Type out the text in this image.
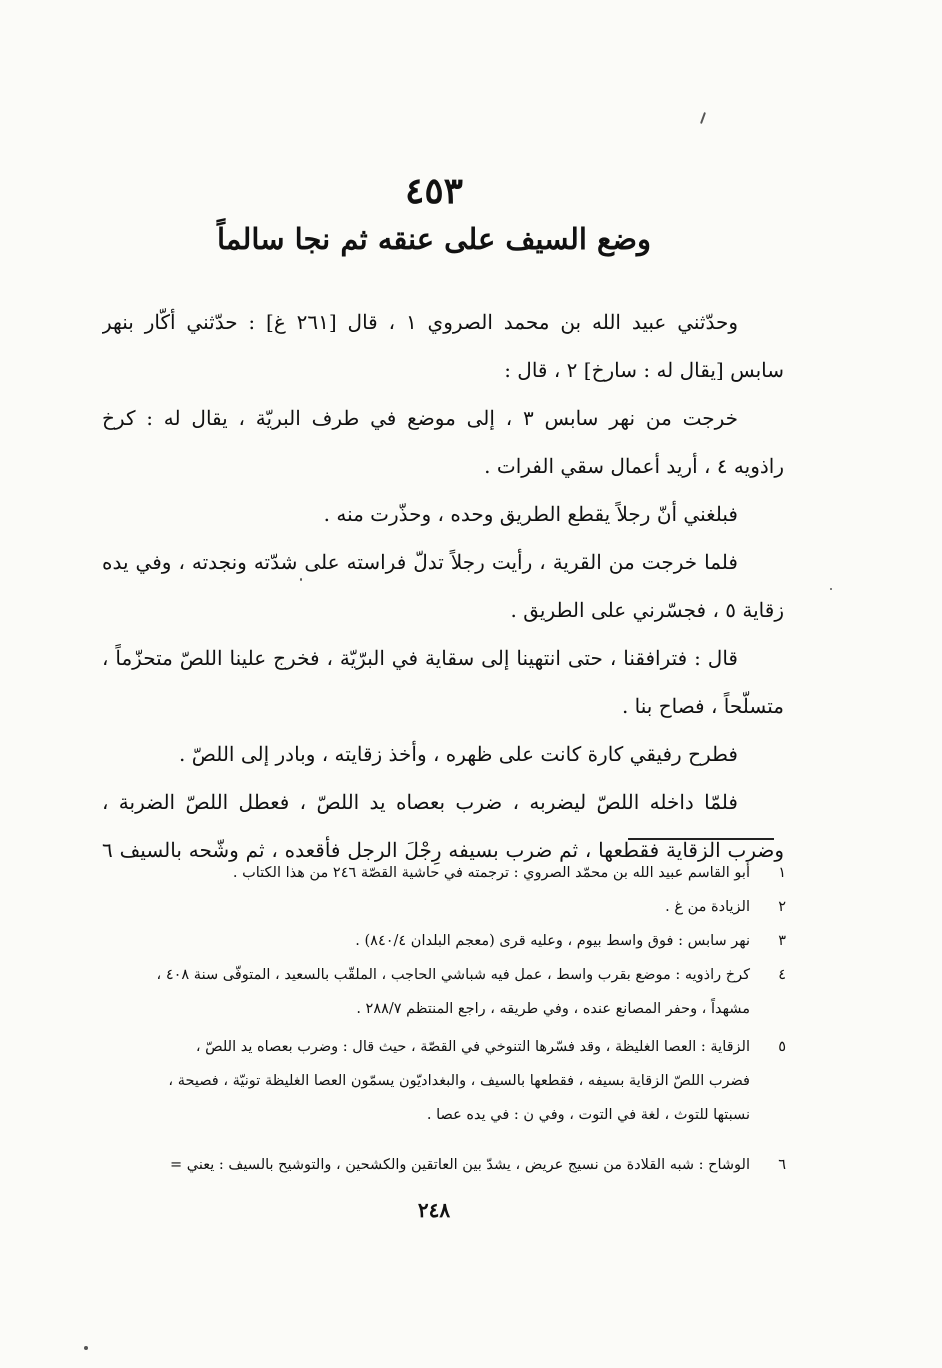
٤٥٣
وضع السيف على عنقه ثم نجا سالماً
وحدّثني عبيد الله بن محمد الصروي ١ ، قال [٢٦١ غ] : حدّثني أكّار بنهر
سابس [يقال له : سارخ] ٢ ، قال :
خرجت من نهر سابس ٣ ، إلى موضع في طرف البريّة ، يقال له : كرخ
راذويه ٤ ، أريد أعمال سقي الفرات .
فبلغني أنّ رجلاً يقطع الطريق وحده ، وحذّرت منه .
فلما خرجت من القرية ، رأيت رجلاً تدلّ فراسته على شدّته ونجدته ، وفي يده
زقاية ٥ ، فجسّرني على الطريق .
قال : فترافقنا ، حتى انتهينا إلى سقاية في البرّيّة ، فخرج علينا اللصّ متحزّماً ،
متسلّحاً ، فصاح بنا .
فطرح رفيقي كارة كانت على ظهره ، وأخذ زقايته ، وبادر إلى اللصّ .
فلمّا داخله اللصّ ليضربه ، ضرب بعصاه يد اللصّ ، فعطل اللصّ الضربة ،
وضرب الزقاية فقطعها ، ثم ضرب بسيفه رِجْلَ الرجل فأقعده ، ثم وشّحه بالسيف ٦
١أبو القاسم عبيد الله بن محمّد الصروي : ترجمته في حاشية القصّة ٢٤٦ من هذا الكتاب .
٢الزيادة من غ .
٣نهر سابس : فوق واسط بيوم ، وعليه قرى (معجم البلدان ٨٤٠/٤) .
٤كرخ راذويه : موضع بقرب واسط ، عمل فيه شباشي الحاجب ، الملقّب بالسعيد ، المتوفّى سنة ٤٠٨ ،
مشهداً ، وحفر المصانع عنده ، وفي طريقه ، راجع المنتظم ٢٨٨/٧ .
٥الزقاية : العصا الغليظة ، وقد فسّرها التنوخي في القصّة ، حيث قال : وضرب بعصاه يد اللصّ ،
فضرب اللصّ الزقاية بسيفه ، فقطعها بالسيف ، والبغداديّون يسمّون العصا الغليظة تونيّة ، فصيحة ،
نسبتها للتوث ، لغة في التوت ، وفي ن : في يده عصا .
٦الوشاح : شبه القلادة من نسيج عريض ، يشدّ بين العاتقين والكشحين ، والتوشيح بالسيف : يعني =
٢٤٨
